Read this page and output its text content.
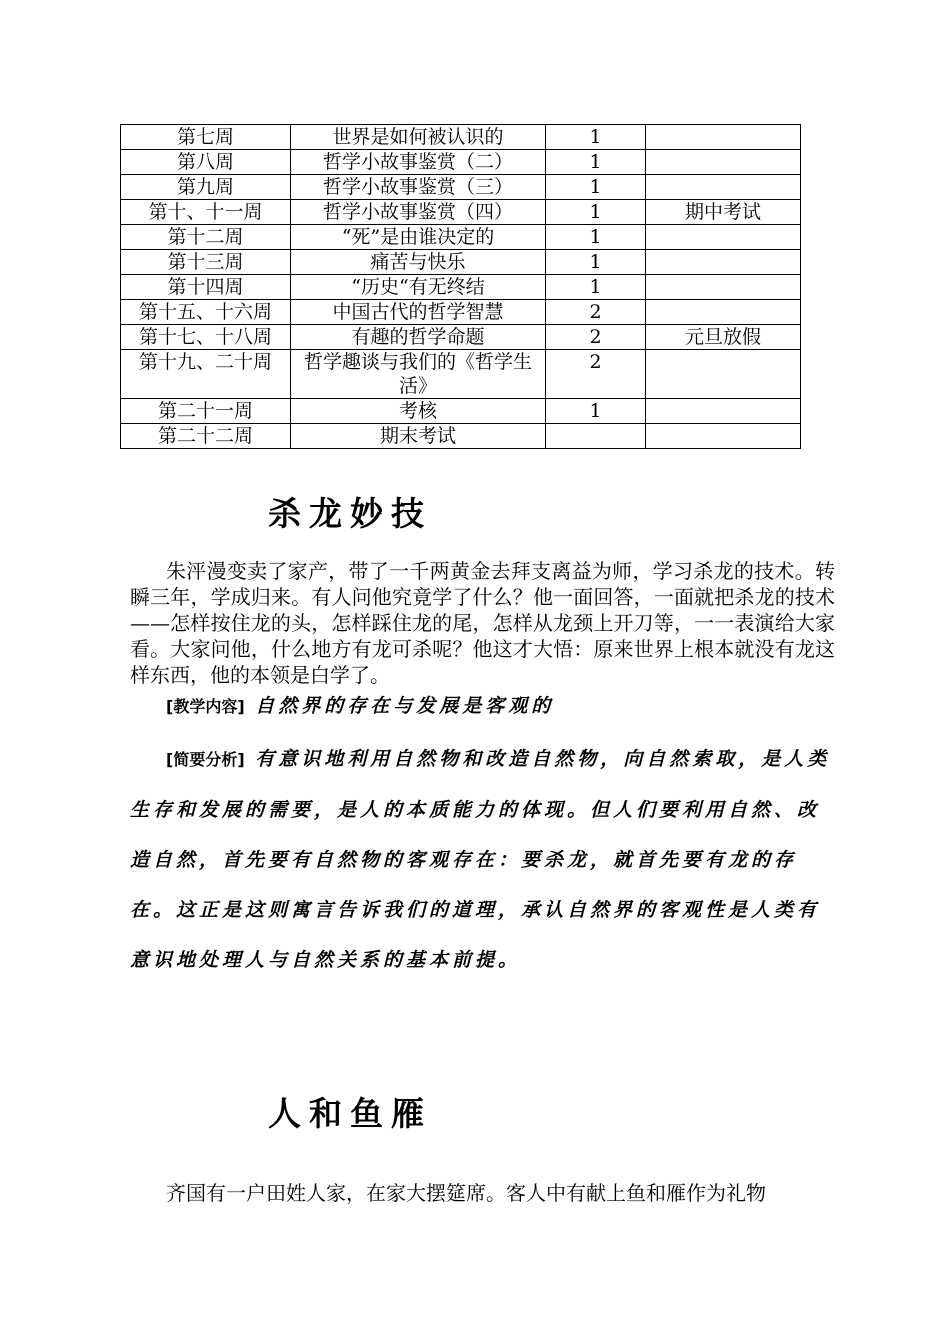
第七周	世界是如何被认识的	1	
第八周	哲学小故事鉴赏（二）	1	
第九周	哲学小故事鉴赏（三）	1	
第十、十一周	哲学小故事鉴赏（四）	1	期中考试
第十二周	“死”是由谁决定的	1	
第十三周	痛苦与快乐	1	
第十四周	“历史“有无终结	1	
第十五、十六周	中国古代的哲学智慧	2	
第十七、十八周	有趣的哲学命题	2	元旦放假
第十九、二十周	哲学趣谈与我们的《哲学生活》	2	
第二十一周	考核	1	
第二十二周	期末考试		
杀龙妙技
朱泙漫变卖了家产，带了一千两黄金去拜支离益为师，学习杀龙的技术。转瞬三年，学成归来。有人问他究竟学了什么？他一面回答，一面就把杀龙的技术——怎样按住龙的头，怎样踩住龙的尾，怎样从龙颈上开刀等，一一表演给大家看。大家问他，什么地方有龙可杀呢？他这才大悟：原来世界上根本就没有龙这样东西，他的本领是白学了。
[教学内容] 自然界的存在与发展是客观的
[简要分析] 有意识地利用自然物和改造自然物，向自然索取，是人类生存和发展的需要，是人的本质能力的体现。但人们要利用自然、改造自然，首先要有自然物的客观存在：要杀龙，就首先要有龙的存在。这正是这则寓言告诉我们的道理，承认自然界的客观性是人类有意识地处理人与自然关系的基本前提。
人和鱼雁
齐国有一户田姓人家，在家大摆筵席。客人中有献上鱼和雁作为礼物
